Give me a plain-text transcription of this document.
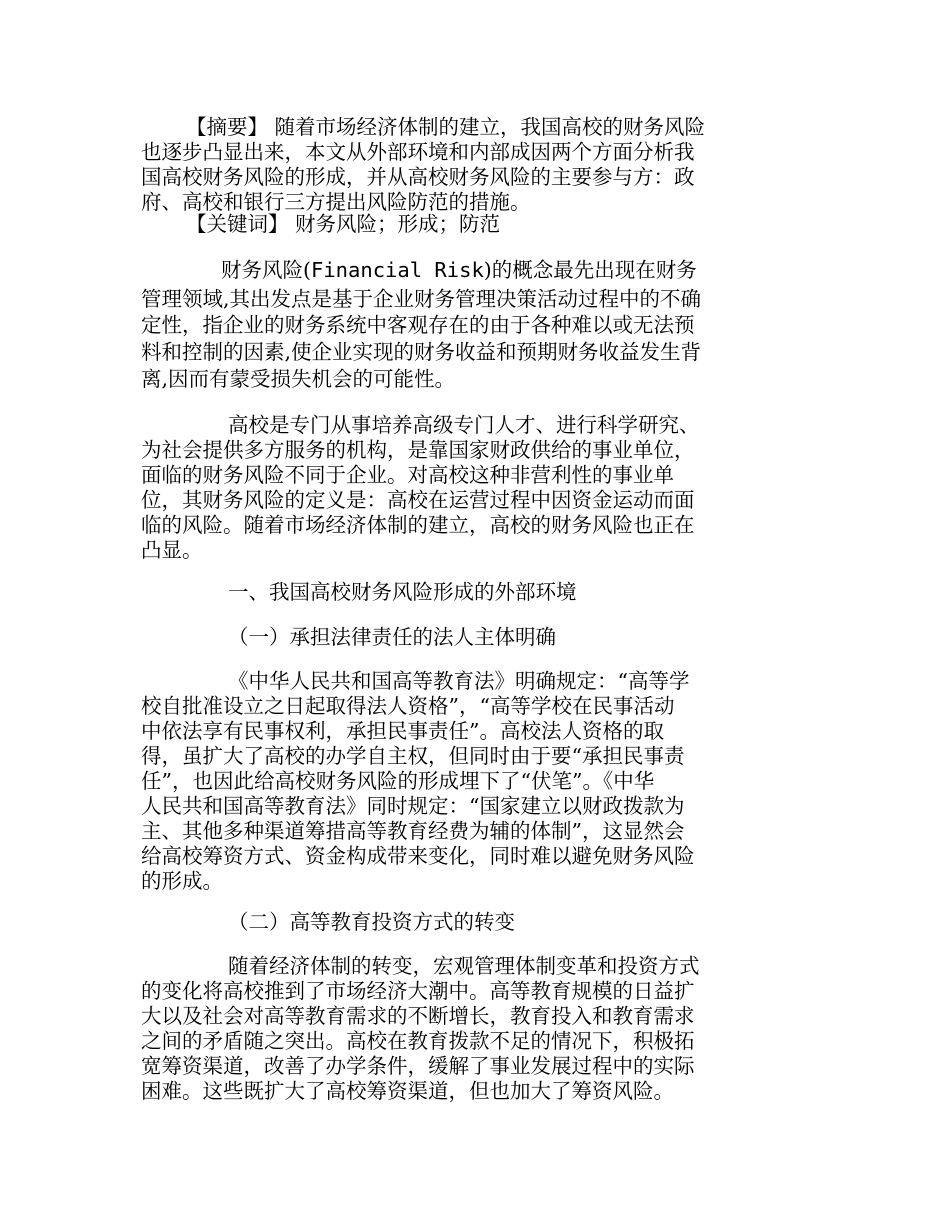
【摘要】 随着市场经济体制的建立，我国高校的财务风险
也逐步凸显出来，本文从外部环境和内部成因两个方面分析我
国高校财务风险的形成，并从高校财务风险的主要参与方：政
府、高校和银行三方提出风险防范的措施。
【关键词】 财务风险；形成；防范
财务风险(Financial Risk)的概念最先出现在财务
管理领域,其出发点是基于企业财务管理决策活动过程中的不确
定性，指企业的财务系统中客观存在的由于各种难以或无法预
料和控制的因素,使企业实现的财务收益和预期财务收益发生背
离,因而有蒙受损失机会的可能性。
高校是专门从事培养高级专门人才、进行科学研究、
为社会提供多方服务的机构，是靠国家财政供给的事业单位，
面临的财务风险不同于企业。对高校这种非营利性的事业单
位，其财务风险的定义是：高校在运营过程中因资金运动而面
临的风险。随着市场经济体制的建立，高校的财务风险也正在
凸显。
一、我国高校财务风险形成的外部环境
（一）承担法律责任的法人主体明确
《中华人民共和国高等教育法》明确规定：“高等学
校自批准设立之日起取得法人资格”，“高等学校在民事活动
中依法享有民事权利，承担民事责任”。高校法人资格的取
得，虽扩大了高校的办学自主权，但同时由于要“承担民事责
任”，也因此给高校财务风险的形成埋下了“伏笔”。《中华
人民共和国高等教育法》同时规定：“国家建立以财政拨款为
主、其他多种渠道筹措高等教育经费为辅的体制”，这显然会
给高校筹资方式、资金构成带来变化，同时难以避免财务风险
的形成。
（二）高等教育投资方式的转变
随着经济体制的转变，宏观管理体制变革和投资方式
的变化将高校推到了市场经济大潮中。高等教育规模的日益扩
大以及社会对高等教育需求的不断增长，教育投入和教育需求
之间的矛盾随之突出。高校在教育拨款不足的情况下，积极拓
宽筹资渠道，改善了办学条件，缓解了事业发展过程中的实际
困难。这些既扩大了高校筹资渠道，但也加大了筹资风险。
